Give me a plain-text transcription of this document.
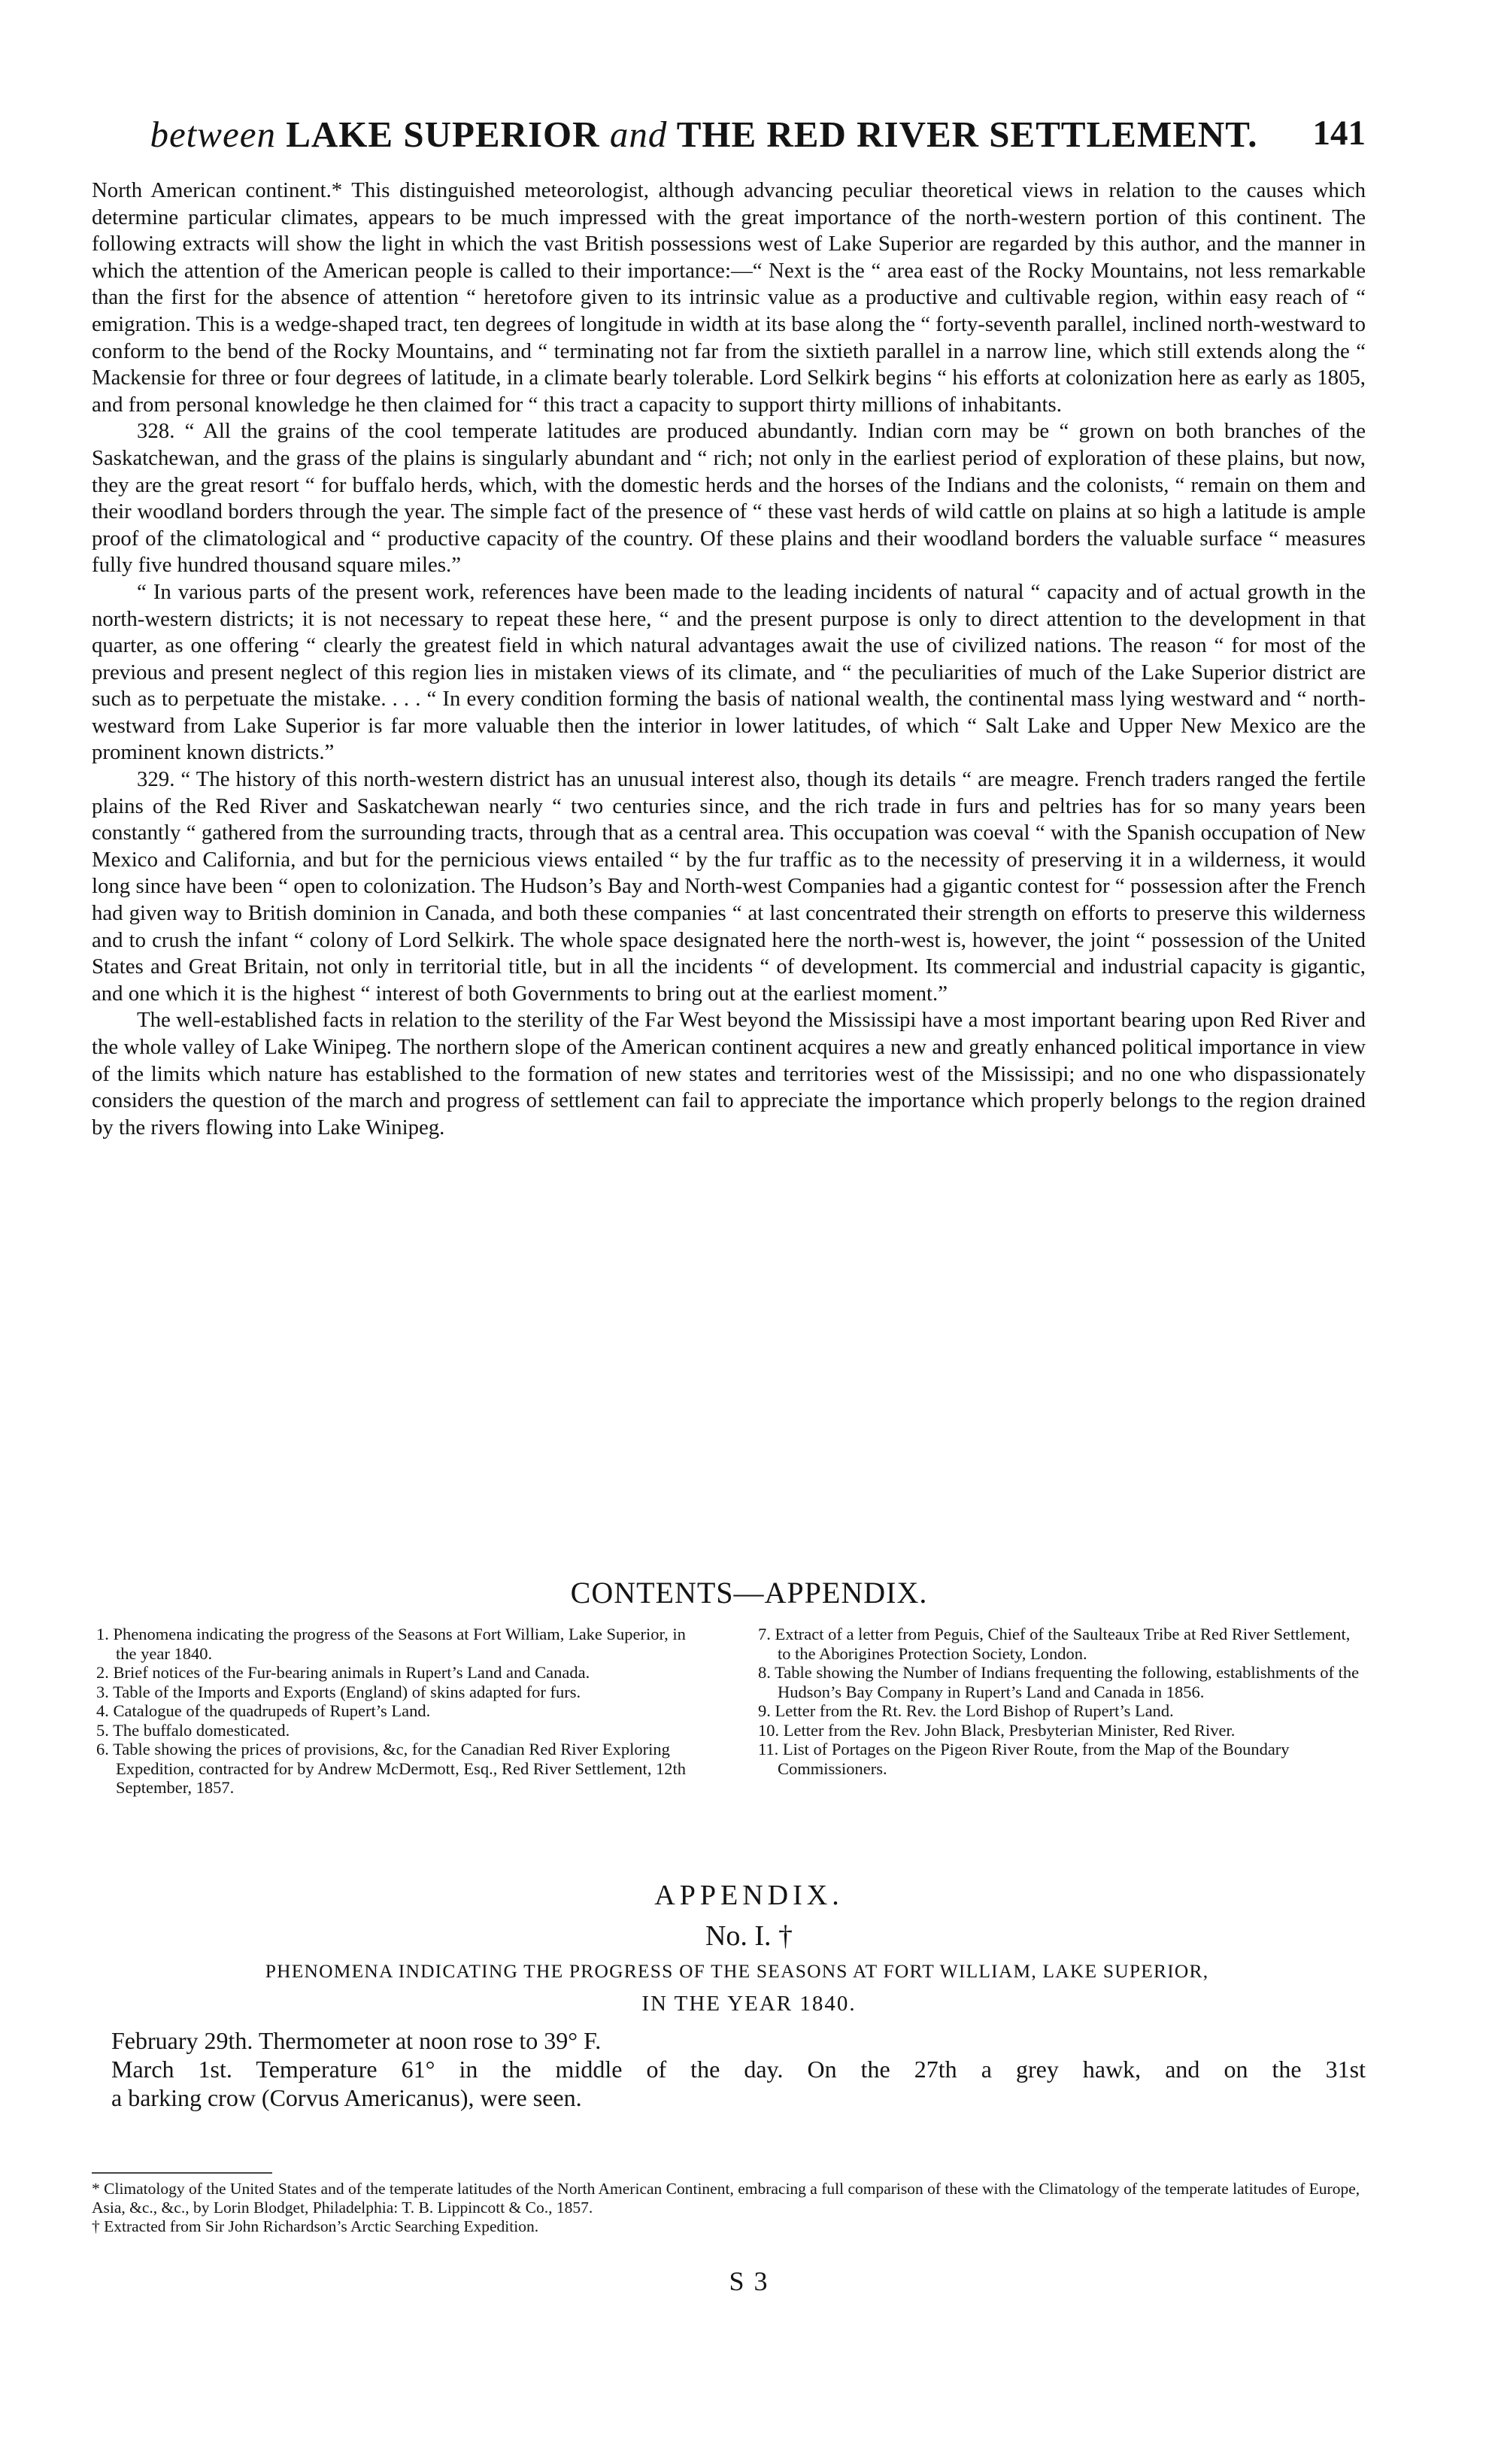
between LAKE SUPERIOR and THE RED RIVER SETTLEMENT.	141

North American continent.* This distinguished meteorologist, although advancing peculiar theoretical views in relation to the causes which determine particular climates, appears to be much impressed with the great importance of the north-western portion of this continent. The following extracts will show the light in which the vast British possessions west of Lake Superior are regarded by this author, and the manner in which the attention of the American people is called to their importance:—“ Next is the “ area east of the Rocky Mountains, not less remarkable than the first for the absence of attention “ heretofore given to its intrinsic value as a productive and cultivable region, within easy reach of “ emigration. This is a wedge-shaped tract, ten degrees of longitude in width at its base along the “ forty-seventh parallel, inclined north-westward to conform to the bend of the Rocky Mountains, and “ terminating not far from the sixtieth parallel in a narrow line, which still extends along the “ Mackensie for three or four degrees of latitude, in a climate bearly tolerable. Lord Selkirk begins “ his efforts at colonization here as early as 1805, and from personal knowledge he then claimed for “ this tract a capacity to support thirty millions of inhabitants.

328. “ All the grains of the cool temperate latitudes are produced abundantly. Indian corn may be “ grown on both branches of the Saskatchewan, and the grass of the plains is singularly abundant and “ rich; not only in the earliest period of exploration of these plains, but now, they are the great resort “ for buffalo herds, which, with the domestic herds and the horses of the Indians and the colonists, “ remain on them and their woodland borders through the year. The simple fact of the presence of “ these vast herds of wild cattle on plains at so high a latitude is ample proof of the climatological and “ productive capacity of the country. Of these plains and their woodland borders the valuable surface “ measures fully five hundred thousand square miles.”

“ In various parts of the present work, references have been made to the leading incidents of natural “ capacity and of actual growth in the north-western districts; it is not necessary to repeat these here, “ and the present purpose is only to direct attention to the development in that quarter, as one offering “ clearly the greatest field in which natural advantages await the use of civilized nations. The reason “ for most of the previous and present neglect of this region lies in mistaken views of its climate, and “ the peculiarities of much of the Lake Superior district are such as to perpetuate the mistake. . . . “ In every condition forming the basis of national wealth, the continental mass lying westward and “ north-westward from Lake Superior is far more valuable then the interior in lower latitudes, of which “ Salt Lake and Upper New Mexico are the prominent known districts.”

329. “ The history of this north-western district has an unusual interest also, though its details “ are meagre. French traders ranged the fertile plains of the Red River and Saskatchewan nearly “ two centuries since, and the rich trade in furs and peltries has for so many years been constantly “ gathered from the surrounding tracts, through that as a central area. This occupation was coeval “ with the Spanish occupation of New Mexico and California, and but for the pernicious views entailed “ by the fur traffic as to the necessity of preserving it in a wilderness, it would long since have been “ open to colonization. The Hudson’s Bay and North-west Companies had a gigantic contest for “ possession after the French had given way to British dominion in Canada, and both these companies “ at last concentrated their strength on efforts to preserve this wilderness and to crush the infant “ colony of Lord Selkirk. The whole space designated here the north-west is, however, the joint “ possession of the United States and Great Britain, not only in territorial title, but in all the incidents “ of development. Its commercial and industrial capacity is gigantic, and one which it is the highest “ interest of both Governments to bring out at the earliest moment.”

The well-established facts in relation to the sterility of the Far West beyond the Mississipi have a most important bearing upon Red River and the whole valley of Lake Winipeg. The northern slope of the American continent acquires a new and greatly enhanced political importance in view of the limits which nature has established to the formation of new states and territories west of the Mississipi; and no one who dispassionately considers the question of the march and progress of settlement can fail to appreciate the importance which properly belongs to the region drained by the rivers flowing into Lake Winipeg.

CONTENTS—APPENDIX.

1. Phenomena indicating the progress of the Seasons at Fort William, Lake Superior, in the year 1840.

2. Brief notices of the Fur-bearing animals in Rupert’s Land and Canada.

3. Table of the Imports and Exports (England) of skins adapted for furs.

4. Catalogue of the quadrupeds of Rupert’s Land.

5. The buffalo domesticated.

6. Table showing the prices of provisions, &c, for the Canadian Red River Exploring Expedition, contracted for by Andrew McDermott, Esq., Red River Settlement, 12th September, 1857.

7. Extract of a letter from Peguis, Chief of the Saulteaux Tribe at Red River Settlement, to the Aborigines Protection Society, London.

8. Table showing the Number of Indians frequenting the following, establishments of the Hudson’s Bay Company in Rupert’s Land and Canada in 1856.

9. Letter from the Rt. Rev. the Lord Bishop of Rupert’s Land.

10. Letter from the Rev. John Black, Presbyterian Minister, Red River.

11. List of Portages on the Pigeon River Route, from the Map of the Boundary Commissioners.

APPENDIX.
No. I. †
PHENOMENA INDICATING THE PROGRESS OF THE SEASONS AT FORT WILLIAM, LAKE SUPERIOR,
IN THE YEAR 1840.

February 29th. Thermometer at noon rose to 39° F.

March 1st. Temperature 61° in the middle of the day. On the 27th a grey hawk, and on the 31st

a barking crow (Corvus Americanus), were seen.

* Climatology of the United States and of the temperate latitudes of the North American Continent, embracing a full comparison of these with the Climatology of the temperate latitudes of Europe, Asia, &c., &c., by Lorin Blodget, Philadelphia: T. B. Lippincott & Co., 1857.

† Extracted from Sir John Richardson’s Arctic Searching Expedition.

S 3
